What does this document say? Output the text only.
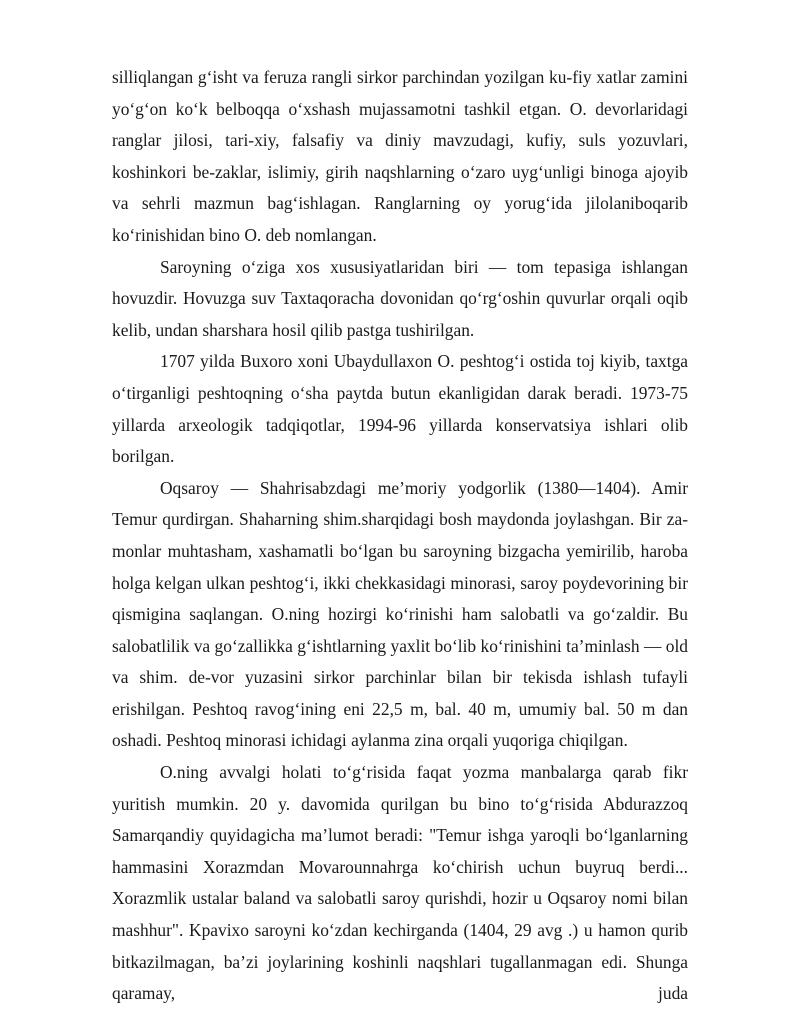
silliqlangan g‘isht va feruza rangli sirkor parchindan yozilgan ku-fiy xatlar zamini yo‘g‘on ko‘k belboqqa o‘xshash mujassamotni tashkil etgan. O. devorlaridagi ranglar jilosi, tari-xiy, falsafiy va diniy mavzudagi, kufiy, suls yozuvlari, koshinkori be-zaklar, islimiy, girih naqshlarning o‘zaro uyg‘unligi binoga ajoyib va sehrli mazmun bag‘ishlagan. Ranglarning oy yorug‘ida jilolaniboqarib ko‘rinishidan bino O. deb nomlangan.

Saroyning o‘ziga xos xususiyatlaridan biri — tom tepasiga ishlangan hovuzdir. Hovuzga suv Taxtaqoracha dovonidan qo‘rg‘oshin quvurlar orqali oqib kelib, undan sharshara hosil qilib pastga tushirilgan.

1707 yilda Buxoro xoni Ubaydullaxon O. peshtog‘i ostida toj kiyib, taxtga o‘tirganligi peshtoqning o‘sha paytda butun ekanligidan darak beradi. 1973-75 yillarda arxeologik tadqiqotlar, 1994-96 yillarda konservatsiya ishlari olib borilgan.

Oqsaroy — Shahrisabzdagi me’moriy yodgorlik (1380—1404). Amir Temur qurdirgan. Shaharning shim.sharqidagi bosh maydonda joylashgan. Bir za-monlar muhtasham, xashamatli bo‘lgan bu saroyning bizgacha yemirilib, haroba holga kelgan ulkan peshtog‘i, ikki chekkasidagi minorasi, saroy poydevorining bir qismigina saqlangan. O.ning hozirgi ko‘rinishi ham salobatli va go‘zaldir. Bu salobatlilik va go‘zallikka g‘ishtlarning yaxlit bo‘lib ko‘rinishini ta’minlash — old va shim. de-vor yuzasini sirkor parchinlar bilan bir tekisda ishlash tufayli erishilgan. Peshtoq ravog‘ining eni 22,5 m, bal. 40 m, umumiy bal. 50 m dan oshadi. Peshtoq minorasi ichidagi aylanma zina orqali yuqoriga chiqilgan.

O.ning avvalgi holati to‘g‘risida faqat yozma manbalarga qarab fikr yuritish mumkin. 20 y. davomida qurilgan bu bino to‘g‘risida Abdurazzoq Samarqandiy quyidagicha ma’lumot beradi: "Temur ishga yaroqli bo‘lganlarning hammasini Xorazmdan Movarounnahrga ko‘chirish uchun buyruq berdi... Xorazmlik ustalar baland va salobatli saroy qurishdi, hozir u Oqsaroy nomi bilan mashhur". Kpavixo saroyni ko‘zdan kechirganda (1404, 29 avg .) u hamon qurib bitkazilmagan, ba’zi joylarining koshinli naqshlari tugallanmagan edi. Shunga qaramay, juda
